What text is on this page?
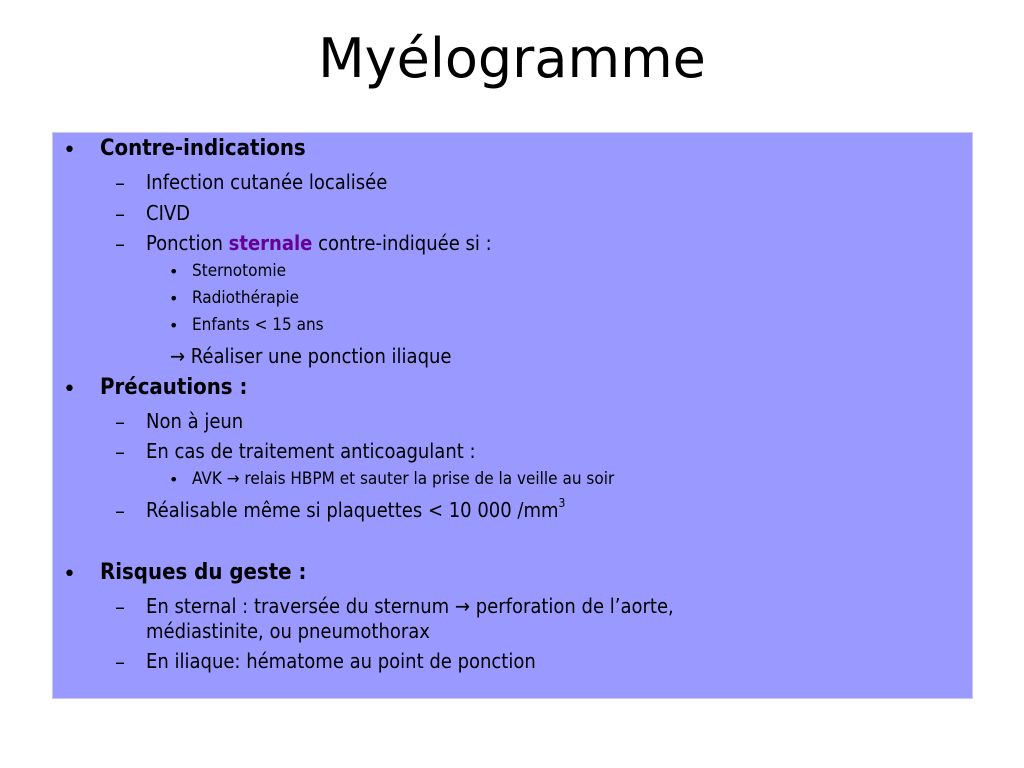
Myélogramme
• Contre-indications
– Infection cutanée localisée
– CIVD
– Ponction sternale contre-indiquée si :
• Sternotomie
• Radiothérapie
• Enfants < 15 ans
→ Réaliser une ponction iliaque
• Précautions :
– Non à jeun
– En cas de traitement anticoagulant :
• AVK → relais HBPM et sauter la prise de la veille au soir
– Réalisable même si plaquettes < 10 000 $/mm^3$
• Risques du geste :
– En sternal : traversée du sternum → perforation de l’aorte,
médiastinite, ou pneumothorax
– En iliaque: hématome au point de ponction
